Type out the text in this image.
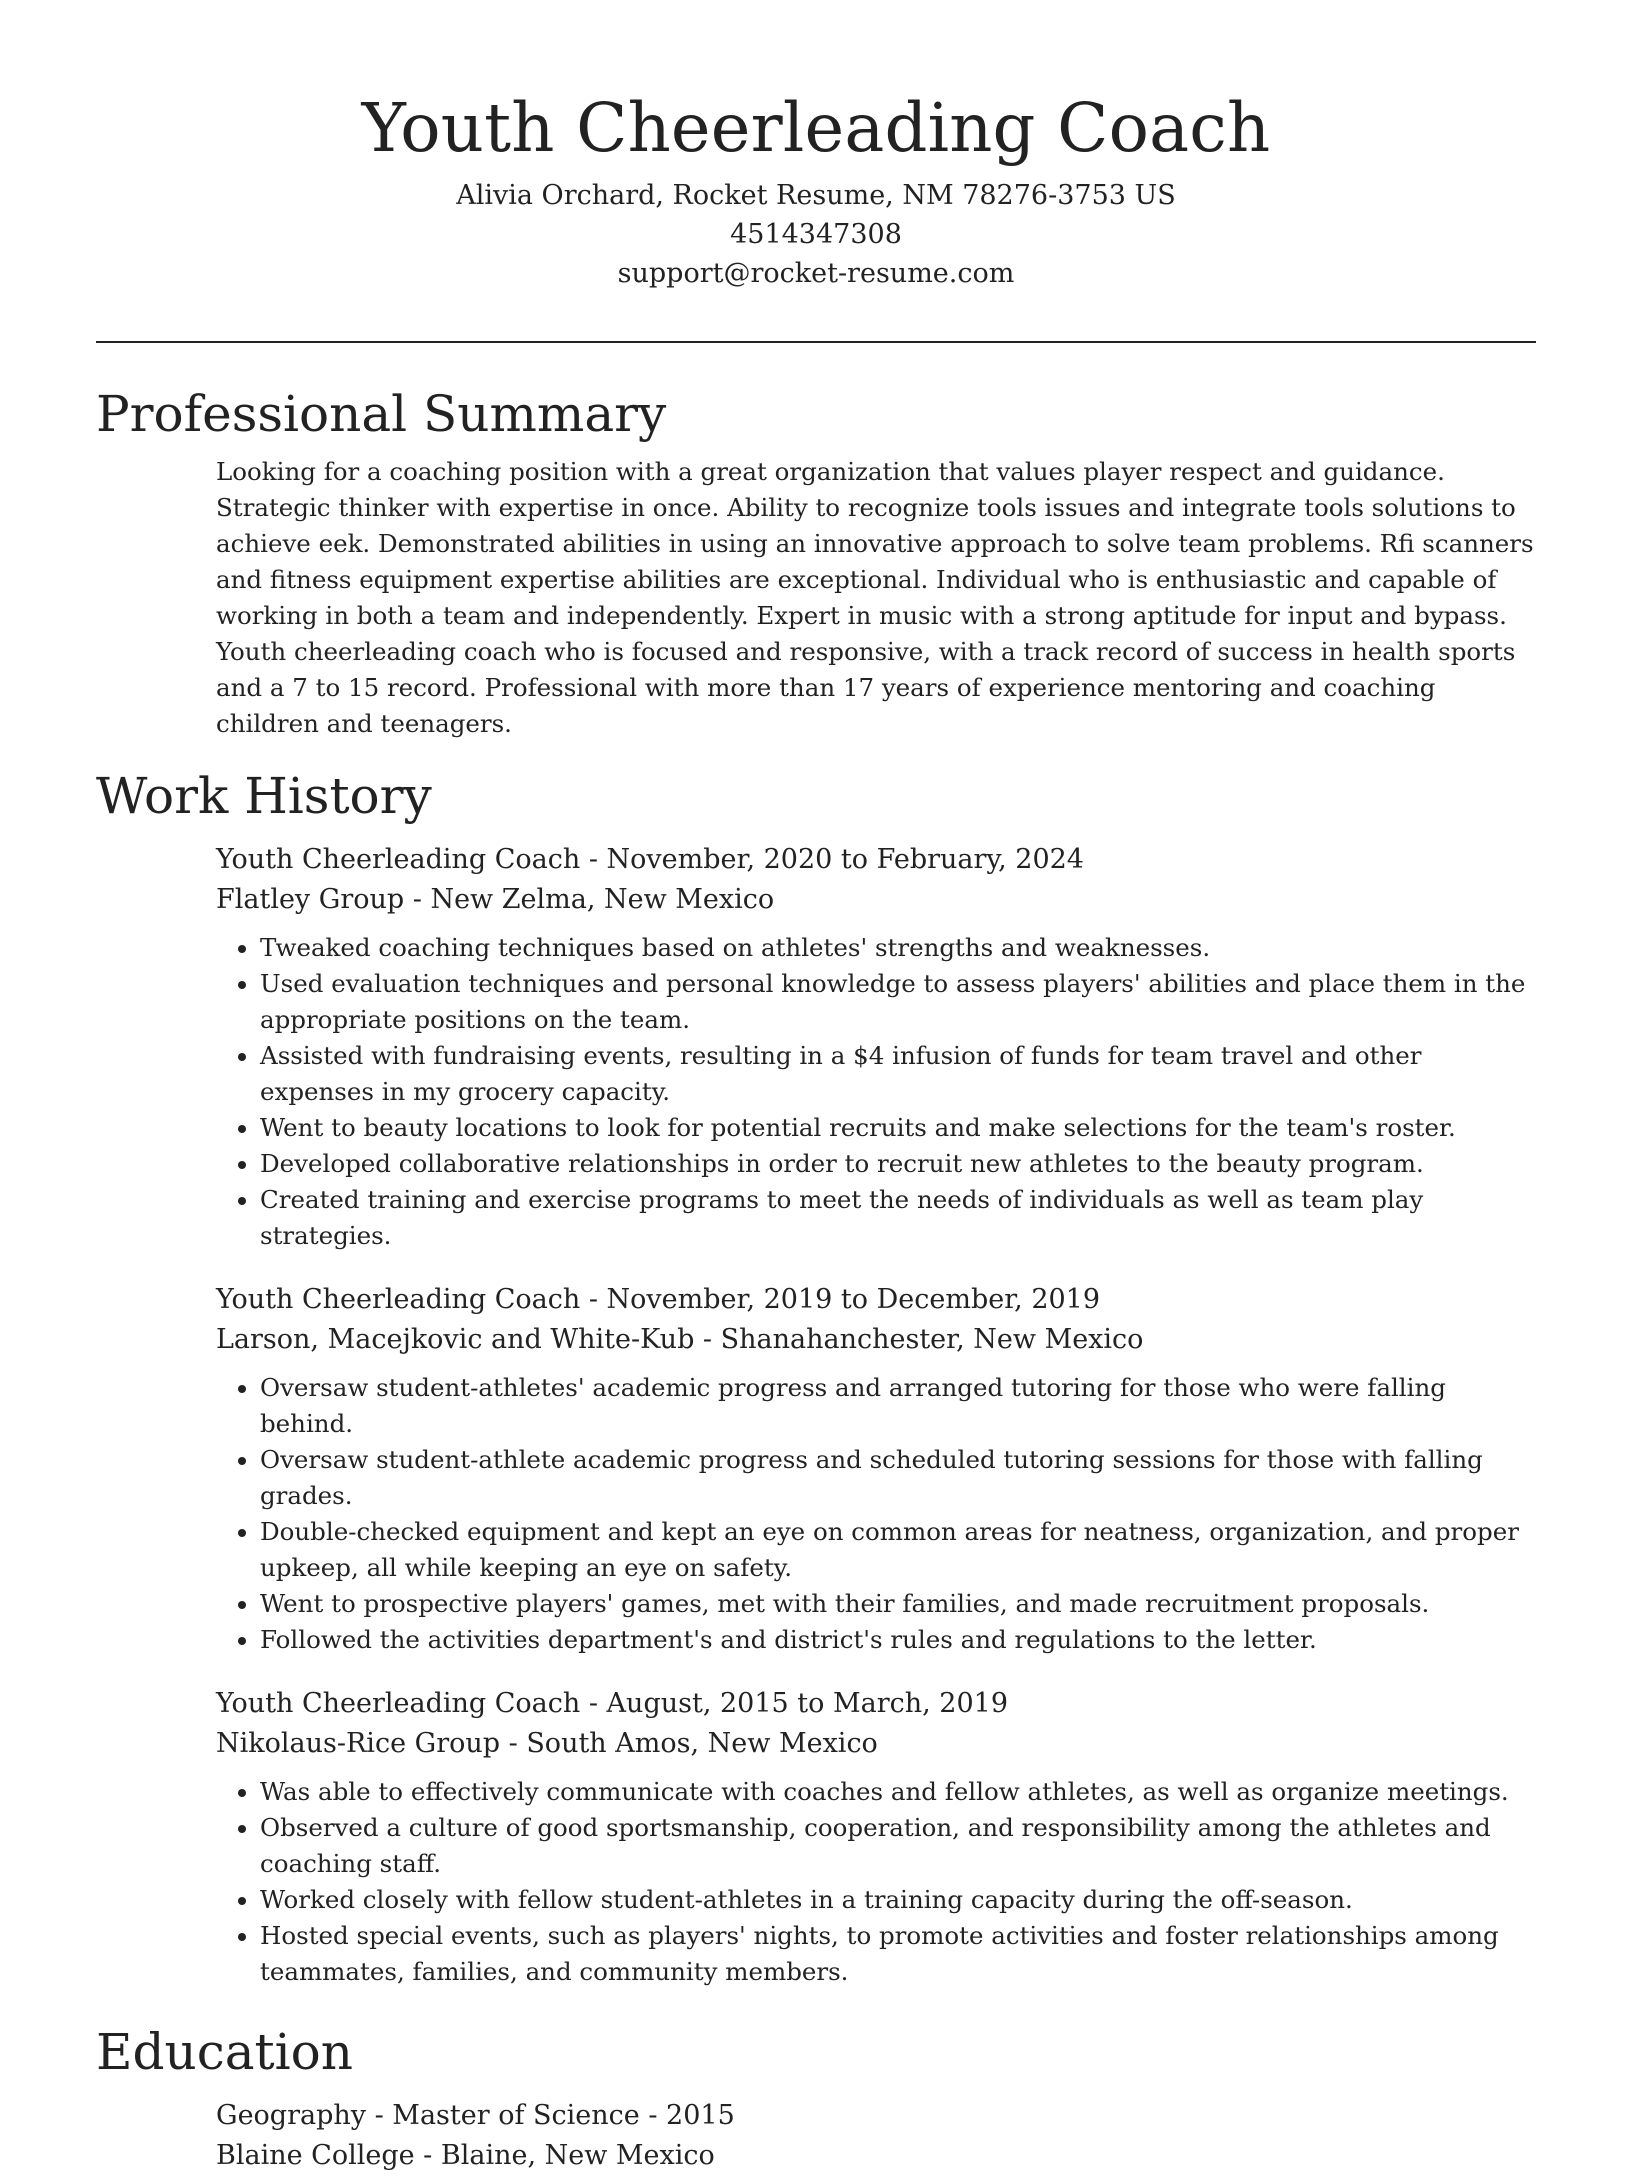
Youth Cheerleading Coach

Alivia Orchard, Rocket Resume, NM 78276-3753 US

4514347308

support@rocket-resume.com

Professional Summary

Looking for a coaching position with a great organization that values player respect and guidance. Strategic thinker with expertise in once. Ability to recognize tools issues and integrate tools solutions to achieve eek. Demonstrated abilities in using an innovative approach to solve team problems. Rfi scanners and fitness equipment expertise abilities are exceptional. Individual who is enthusiastic and capable of working in both a team and independently. Expert in music with a strong aptitude for input and bypass. Youth cheerleading coach who is focused and responsive, with a track record of success in health sports and a 7 to 15 record. Professional with more than 17 years of experience mentoring and coaching children and teenagers.

Work History

Youth Cheerleading Coach - November, 2020 to February, 2024

Flatley Group - New Zelma, New Mexico

• Tweaked coaching techniques based on athletes' strengths and weaknesses.
• Used evaluation techniques and personal knowledge to assess players' abilities and place them in the appropriate positions on the team.
• Assisted with fundraising events, resulting in a $4 infusion of funds for team travel and other expenses in my grocery capacity.
• Went to beauty locations to look for potential recruits and make selections for the team's roster.
• Developed collaborative relationships in order to recruit new athletes to the beauty program.
• Created training and exercise programs to meet the needs of individuals as well as team play strategies.

Youth Cheerleading Coach - November, 2019 to December, 2019

Larson, Macejkovic and White-Kub - Shanahanchester, New Mexico

• Oversaw student-athletes' academic progress and arranged tutoring for those who were falling behind.
• Oversaw student-athlete academic progress and scheduled tutoring sessions for those with falling grades.
• Double-checked equipment and kept an eye on common areas for neatness, organization, and proper upkeep, all while keeping an eye on safety.
• Went to prospective players' games, met with their families, and made recruitment proposals.
• Followed the activities department's and district's rules and regulations to the letter.

Youth Cheerleading Coach - August, 2015 to March, 2019

Nikolaus-Rice Group - South Amos, New Mexico

• Was able to effectively communicate with coaches and fellow athletes, as well as organize meetings.
• Observed a culture of good sportsmanship, cooperation, and responsibility among the athletes and coaching staff.
• Worked closely with fellow student-athletes in a training capacity during the off-season.
• Hosted special events, such as players' nights, to promote activities and foster relationships among teammates, families, and community members.
Education

Geography - Master of Science - 2015

Blaine College - Blaine, New Mexico
